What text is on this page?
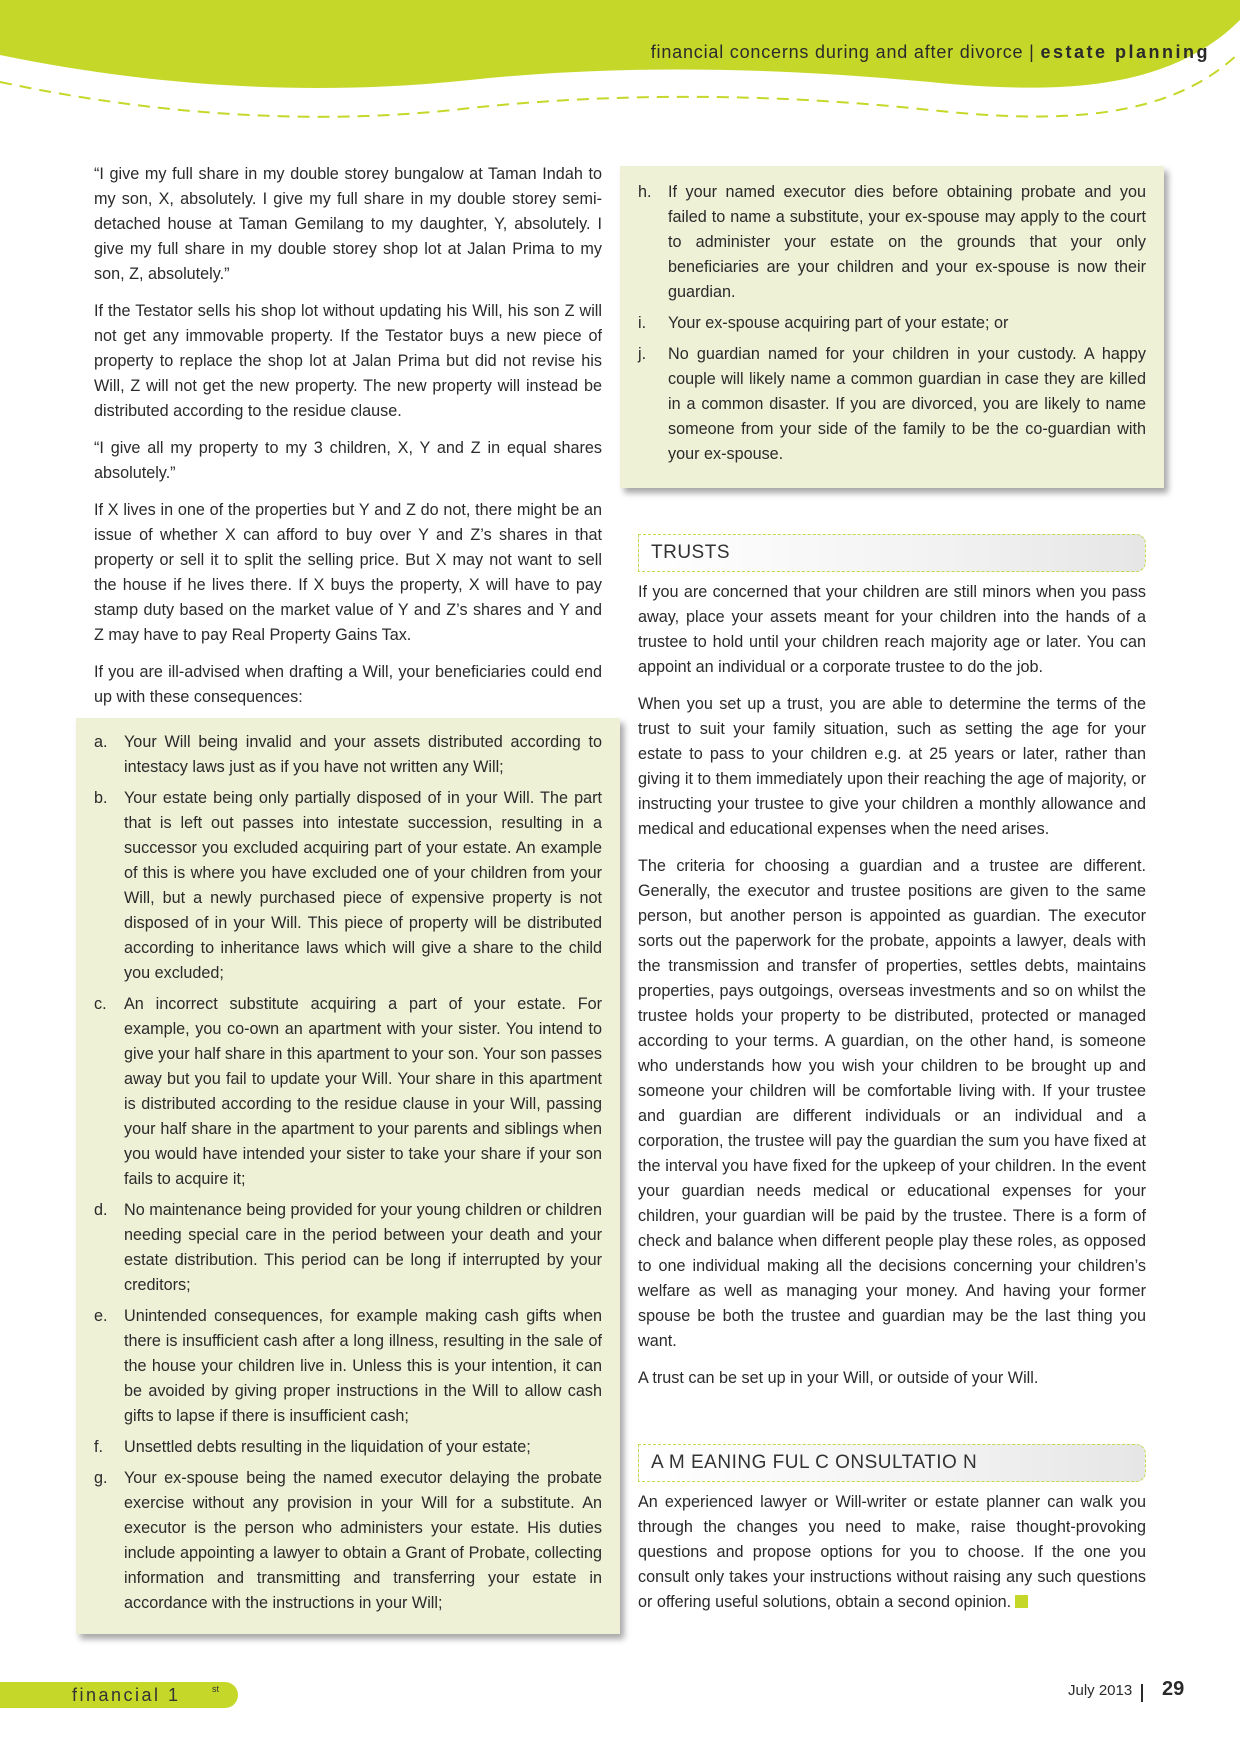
financial concerns during and after divorce | estate planning

“I give my full share in my double storey bungalow at Taman Indah to my son, X, absolutely. I give my full share in my double storey semi-detached house at Taman Gemilang to my daughter, Y, absolutely. I give my full share in my double storey shop lot at Jalan Prima to my son, Z, absolutely.”

If the Testator sells his shop lot without updating his Will, his son Z will not get any immovable property. If the Testator buys a new piece of property to replace the shop lot at Jalan Prima but did not revise his Will, Z will not get the new property. The new property will instead be distributed according to the residue clause.

“I give all my property to my 3 children, X, Y and Z in equal shares absolutely.”

If X lives in one of the properties but Y and Z do not, there might be an issue of whether X can afford to buy over Y and Z’s shares in that property or sell it to split the selling price. But X may not want to sell the house if he lives there. If X buys the property, X will have to pay stamp duty based on the market value of Y and Z’s shares and Y and Z may have to pay Real Property Gains Tax.

If you are ill-advised when drafting a Will, your beneficiaries could end up with these consequences:

a. Your Will being invalid and your assets distributed according to intestacy laws just as if you have not written any Will;
b. Your estate being only partially disposed of in your Will. The part that is left out passes into intestate succession, resulting in a successor you excluded acquiring part of your estate. An example of this is where you have excluded one of your children from your Will, but a newly purchased piece of expensive property is not disposed of in your Will. This piece of property will be distributed according to inheritance laws which will give a share to the child you excluded;
c. An incorrect substitute acquiring a part of your estate. For example, you co-own an apartment with your sister. You intend to give your half share in this apartment to your son. Your son passes away but you fail to update your Will. Your share in this apartment is distributed according to the residue clause in your Will, passing your half share in the apartment to your parents and siblings when you would have intended your sister to take your share if your son fails to acquire it;
d. No maintenance being provided for your young children or children needing special care in the period between your death and your estate distribution. This period can be long if interrupted by your creditors;
e. Unintended consequences, for example making cash gifts when there is insufficient cash after a long illness, resulting in the sale of the house your children live in. Unless this is your intention, it can be avoided by giving proper instructions in the Will to allow cash gifts to lapse if there is insufficient cash;
f. Unsettled debts resulting in the liquidation of your estate;
g. Your ex-spouse being the named executor delaying the probate exercise without any provision in your Will for a substitute. An executor is the person who administers your estate. His duties include appointing a lawyer to obtain a Grant of Probate, collecting information and transmitting and transferring your estate in accordance with the instructions in your Will;
h. If your named executor dies before obtaining probate and you failed to name a substitute, your ex-spouse may apply to the court to administer your estate on the grounds that your only beneficiaries are your children and your ex-spouse is now their guardian.
i. Your ex-spouse acquiring part of your estate; or
j. No guardian named for your children in your custody. A happy couple will likely name a common guardian in case they are killed in a common disaster. If you are divorced, you are likely to name someone from your side of the family to be the co-guardian with your ex-spouse.
TRUSTS

If you are concerned that your children are still minors when you pass away, place your assets meant for your children into the hands of a trustee to hold until your children reach majority age or later. You can appoint an individual or a corporate trustee to do the job.

When you set up a trust, you are able to determine the terms of the trust to suit your family situation, such as setting the age for your estate to pass to your children e.g. at 25 years or later, rather than giving it to them immediately upon their reaching the age of majority, or instructing your trustee to give your children a monthly allowance and medical and educational expenses when the need arises.

The criteria for choosing a guardian and a trustee are different. Generally, the executor and trustee positions are given to the same person, but another person is appointed as guardian. The executor sorts out the paperwork for the probate, appoints a lawyer, deals with the transmission and transfer of properties, settles debts, maintains properties, pays outgoings, overseas investments and so on whilst the trustee holds your property to be distributed, protected or managed according to your terms. A guardian, on the other hand, is someone who understands how you wish your children to be brought up and someone your children will be comfortable living with. If your trustee and guardian are different individuals or an individual and a corporation, the trustee will pay the guardian the sum you have fixed at the interval you have fixed for the upkeep of your children. In the event your guardian needs medical or educational expenses for your children, your guardian will be paid by the trustee. There is a form of check and balance when different people play these roles, as opposed to one individual making all the decisions concerning your children’s welfare as well as managing your money. And having your former spouse be both the trustee and guardian may be the last thing you want.

A trust can be set up in your Will, or outside of your Will.

A M EANING FUL C ONSULTATIO N

An experienced lawyer or Will-writer or estate planner can walk you through the changes you need to make, raise thought-provoking questions and propose options for you to choose. If the one you consult only takes your instructions without raising any such questions or offering useful solutions, obtain a second opinion.

financial 1	st	July 2013 29
